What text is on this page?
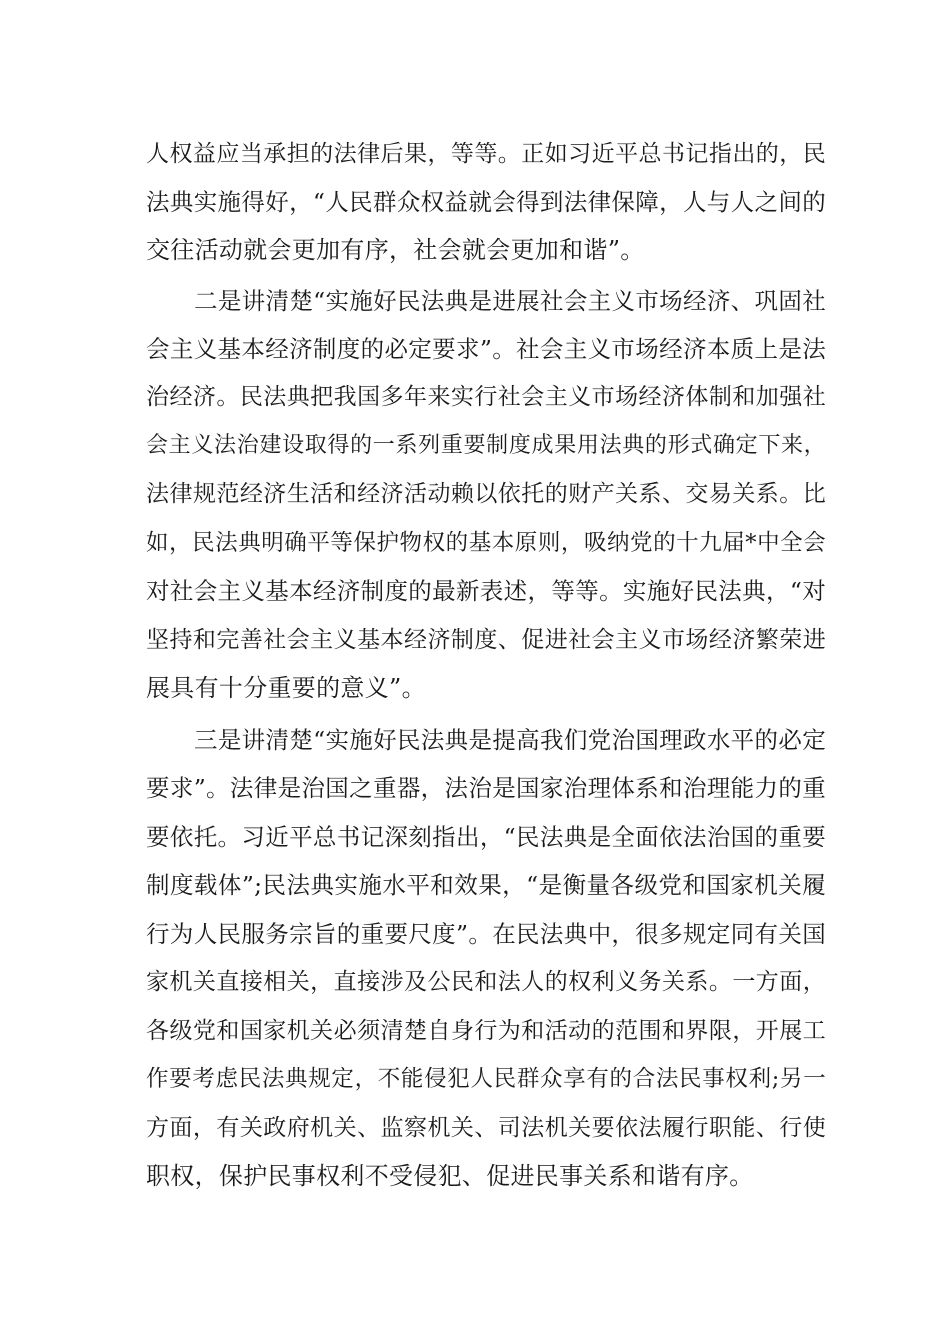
人权益应当承担的法律后果，等等。正如习近平总书记指出的，民
法典实施得好，“人民群众权益就会得到法律保障，人与人之间的
交往活动就会更加有序，社会就会更加和谐”。
二是讲清楚“实施好民法典是进展社会主义市场经济、巩固社
会主义基本经济制度的必定要求”。社会主义市场经济本质上是法
治经济。民法典把我国多年来实行社会主义市场经济体制和加强社
会主义法治建设取得的一系列重要制度成果用法典的形式确定下来，
法律规范经济生活和经济活动赖以依托的财产关系、交易关系。比
如，民法典明确平等保护物权的基本原则，吸纳党的十九届*中全会
对社会主义基本经济制度的最新表述，等等。实施好民法典，“对
坚持和完善社会主义基本经济制度、促进社会主义市场经济繁荣进
展具有十分重要的意义”。
三是讲清楚“实施好民法典是提高我们党治国理政水平的必定
要求”。法律是治国之重器，法治是国家治理体系和治理能力的重
要依托。习近平总书记深刻指出，“民法典是全面依法治国的重要
制度载体”;民法典实施水平和效果，“是衡量各级党和国家机关履
行为人民服务宗旨的重要尺度”。在民法典中，很多规定同有关国
家机关直接相关，直接涉及公民和法人的权利义务关系。一方面，
各级党和国家机关必须清楚自身行为和活动的范围和界限，开展工
作要考虑民法典规定，不能侵犯人民群众享有的合法民事权利;另一
方面，有关政府机关、监察机关、司法机关要依法履行职能、行使
职权，保护民事权利不受侵犯、促进民事关系和谐有序。
